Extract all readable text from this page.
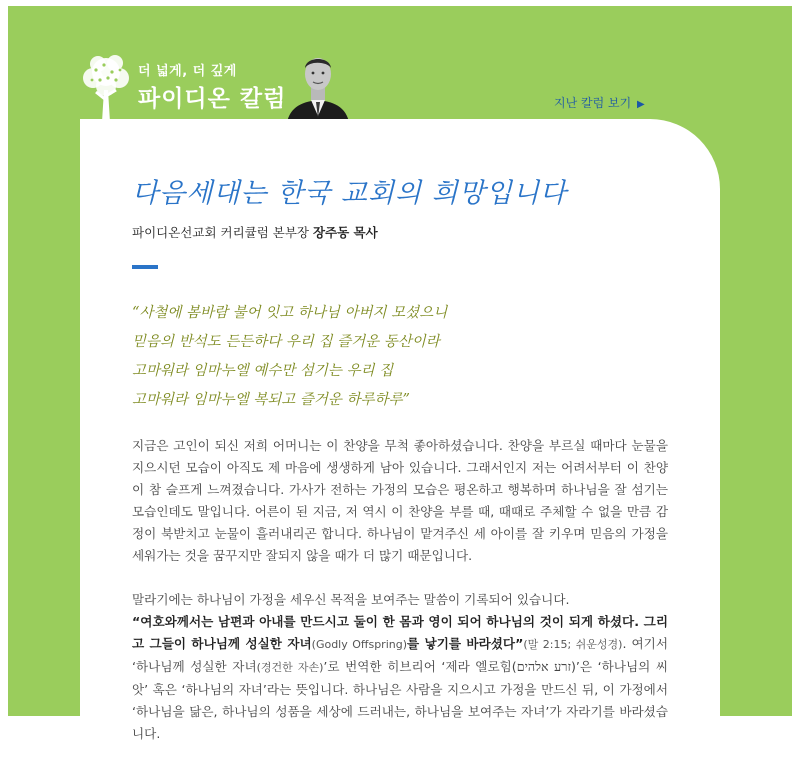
더 넓게, 더 깊게
파이디온 칼럼	지난 칼럼 보기 ▶
다음세대는 한국 교회의 희망입니다
파이디온선교회 커리큘럼 본부장 장주동 목사
“사철에 봄바람 불어 잇고 하나님 아버지 모셨으니
믿음의 반석도 든든하다 우리 집 즐거운 동산이라
고마워라 임마누엘 예수만 섬기는 우리 집
고마워라 임마누엘 복되고 즐거운 하루하루”
지금은 고인이 되신 저희 어머니는 이 찬양을 무척 좋아하셨습니다. 찬양을 부르실 때마다 눈물을 지으시던 모습이 아직도 제 마음에 생생하게 남아 있습니다. 그래서인지 저는 어려서부터 이 찬양이 참 슬프게 느껴졌습니다. 가사가 전하는 가정의 모습은 평온하고 행복하며 하나님을 잘 섬기는 모습인데도 말입니다. 어른이 된 지금, 저 역시 이 찬양을 부를 때, 때때로 주체할 수 없을 만큼 감정이 북받치고 눈물이 흘러내리곤 합니다. 하나님이 맡겨주신 세 아이를 잘 키우며 믿음의 가정을 세워가는 것을 꿈꾸지만 잘되지 않을 때가 더 많기 때문입니다.
말라기에는 하나님이 가정을 세우신 목적을 보여주는 말씀이 기록되어 있습니다.
“여호와께서는 남편과 아내를 만드시고 둘이 한 몸과 영이 되어 하나님의 것이 되게 하셨다. 그리고 그들이 하나님께 성실한 자녀(Godly Offspring)를 낳기를 바라셨다”(말 2:15; 쉬운성경). 여기서 ‘하나님께 성실한 자녀(경건한 자손)’로 번역한 히브리어 ‘제라 엘로힘(זרע אלהים)’은 ‘하나님의 씨앗’ 혹은 ‘하나님의 자녀’라는 뜻입니다. 하나님은 사람을 지으시고 가정을 만드신 뒤, 이 가정에서 ‘하나님을 닮은, 하나님의 성품을 세상에 드러내는, 하나님을 보여주는 자녀’가 자라기를 바라셨습니다.
